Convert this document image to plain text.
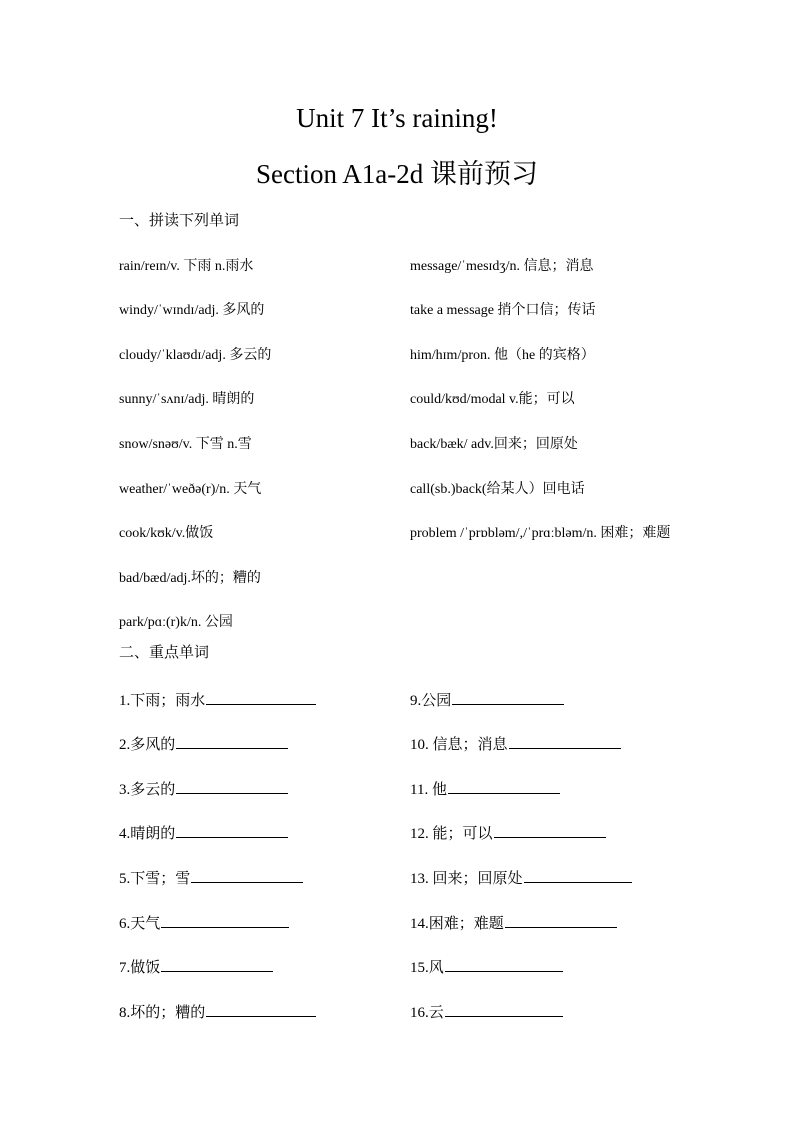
Unit 7 It’s raining!
Section A1a-2d 课前预习
一、拼读下列单词
rain/reɪn/v. 下雨 n.雨水
windy/ˈwɪndɪ/adj. 多风的
cloudy/ˈklaʊdɪ/adj. 多云的
sunny/ˈsʌnɪ/adj. 晴朗的
snow/snəʊ/v. 下雪 n.雪
weather/ˈweðə(r)/n. 天气
cook/kʊk/v.做饭
bad/bæd/adj.坏的；糟的
park/pɑː(r)k/n. 公园
message/ˈmesɪdʒ/n. 信息；消息
take a message 捎个口信；传话
him/hɪm/pron. 他（he 的宾格）
could/kʊd/modal v.能；可以
back/bæk/ adv.回来；回原处
call(sb.)back(给某人）回电话
problem /ˈprɒbləm/,/ˈprɑːbləm/n. 困难；难题
二、重点单词
1.下雨；雨水
2.多风的
3.多云的
4.晴朗的
5.下雪；雪
6.天气
7.做饭
8.坏的；糟的
9.公园
10. 信息；消息
11. 他
12. 能；可以
13. 回来；回原处
14.困难；难题
15.风
16.云
